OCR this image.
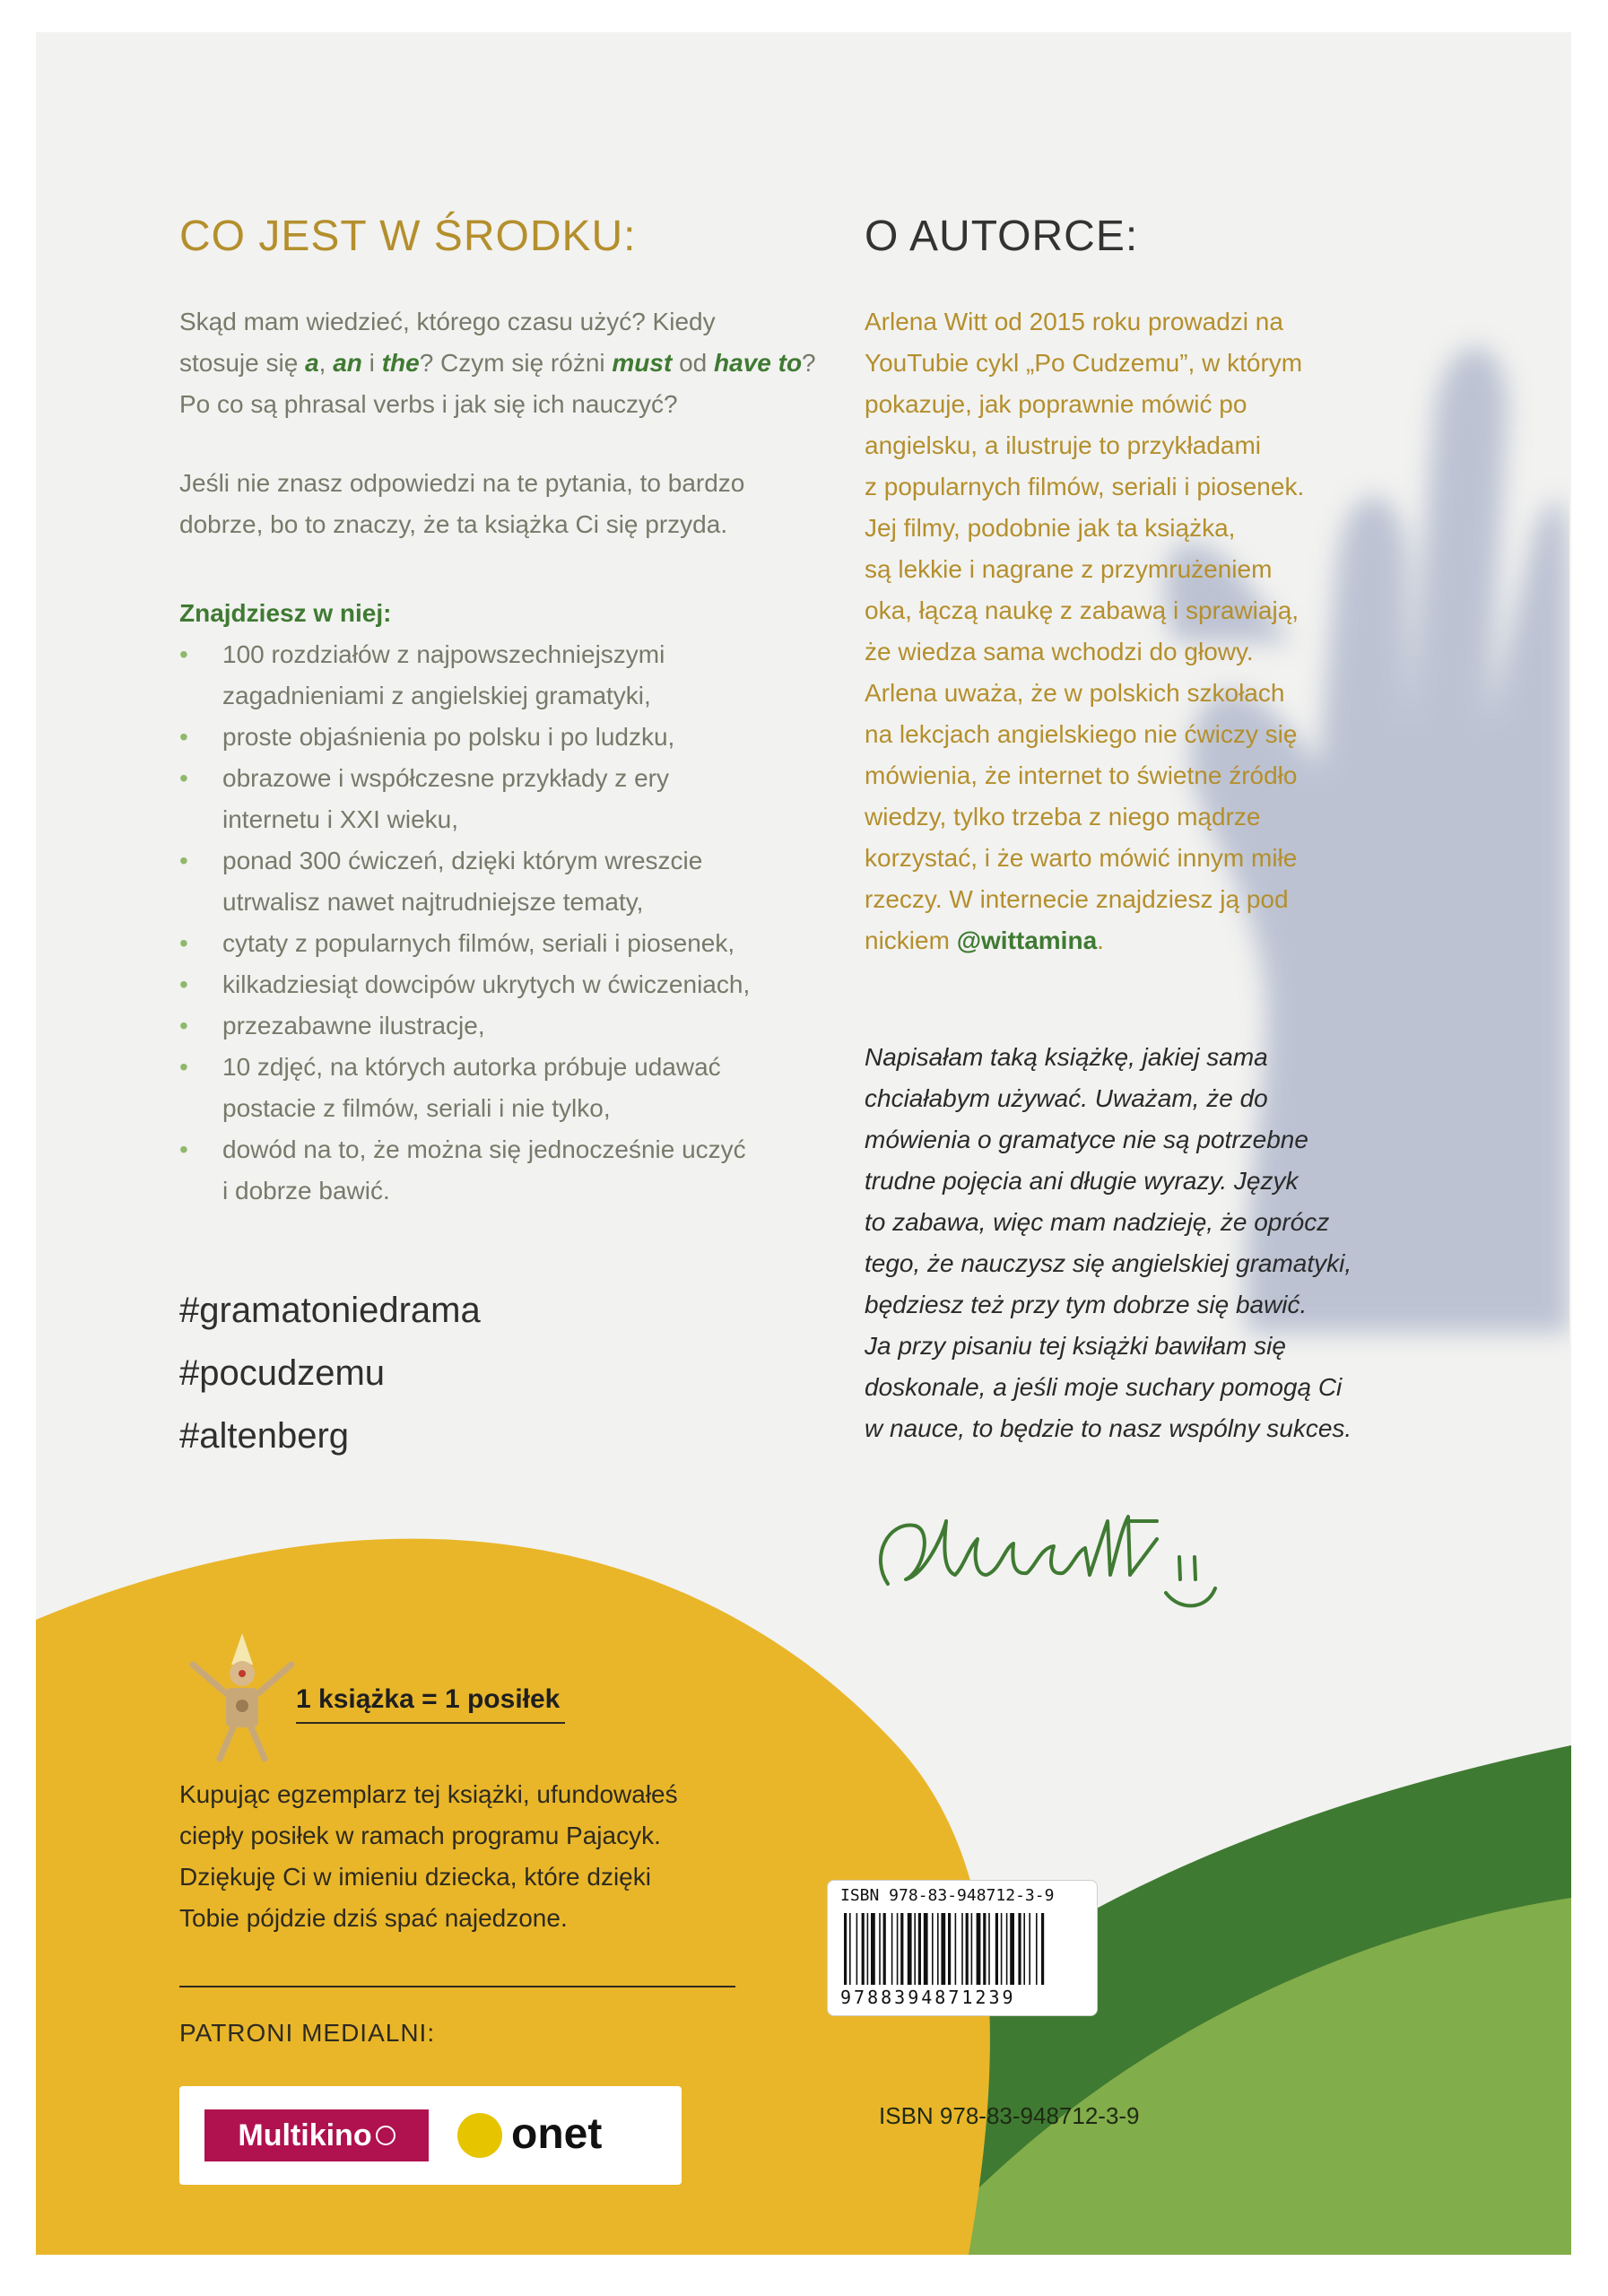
CO JEST W ŚRODKU:
Skąd mam wiedzieć, którego czasu użyć? Kiedy
stosuje się a, an i the? Czym się różni must od have to?
Po co są phrasal verbs i jak się ich nauczyć?
Jeśli nie znasz odpowiedzi na te pytania, to bardzo
dobrze, bo to znaczy, że ta książka Ci się przyda.
Znajdziesz w niej:
• 100 rozdziałów z najpowszechniejszymi
zagadnieniami z angielskiej gramatyki,
• proste objaśnienia po polsku i po ludzku,
• obrazowe i współczesne przykłady z ery
internetu i XXI wieku,
• ponad 300 ćwiczeń, dzięki którym wreszcie
utrwalisz nawet najtrudniejsze tematy,
• cytaty z popularnych filmów, seriali i piosenek,
• kilkadziesiąt dowcipów ukrytych w ćwiczeniach,
• przezabawne ilustracje,
• 10 zdjęć, na których autorka próbuje udawać
postacie z filmów, seriali i nie tylko,
• dowód na to, że można się jednocześnie uczyć
i dobrze bawić.
#gramatoniedrama
#pocudzemu
#altenberg
O AUTORCE:
Arlena Witt od 2015 roku prowadzi na
YouTubie cykl „Po Cudzemu”, w którym
pokazuje, jak poprawnie mówić po
angielsku, a ilustruje to przykładami
z popularnych filmów, seriali i piosenek.
Jej filmy, podobnie jak ta książka,
są lekkie i nagrane z przymrużeniem
oka, łączą naukę z zabawą i sprawiają,
że wiedza sama wchodzi do głowy.
Arlena uważa, że w polskich szkołach
na lekcjach angielskiego nie ćwiczy się
mówienia, że internet to świetne źródło
wiedzy, tylko trzeba z niego mądrze
korzystać, i że warto mówić innym miłe
rzeczy. W internecie znajdziesz ją pod
nickiem @wittamina.
Napisałam taką książkę, jakiej sama
chciałabym używać. Uważam, że do
mówienia o gramatyce nie są potrzebne
trudne pojęcia ani długie wyrazy. Język
to zabawa, więc mam nadzieję, że oprócz
tego, że nauczysz się angielskiej gramatyki,
będziesz też przy tym dobrze się bawić.
Ja przy pisaniu tej książki bawiłam się
doskonale, a jeśli moje suchary pomogą Ci
w nauce, to będzie to nasz wspólny sukces.
1 książka = 1 posiłek
Kupując egzemplarz tej książki, ufundowałeś
ciepły posiłek w ramach programu Pajacyk.
Dziękuję Ci w imieniu dziecka, które dzięki
Tobie pójdzie dziś spać najedzone.
PATRONI MEDIALNI:
Multikino	onet
ISBN 978-83-948712-3-9
9788394871239
ISBN 978-83-948712-3-9
